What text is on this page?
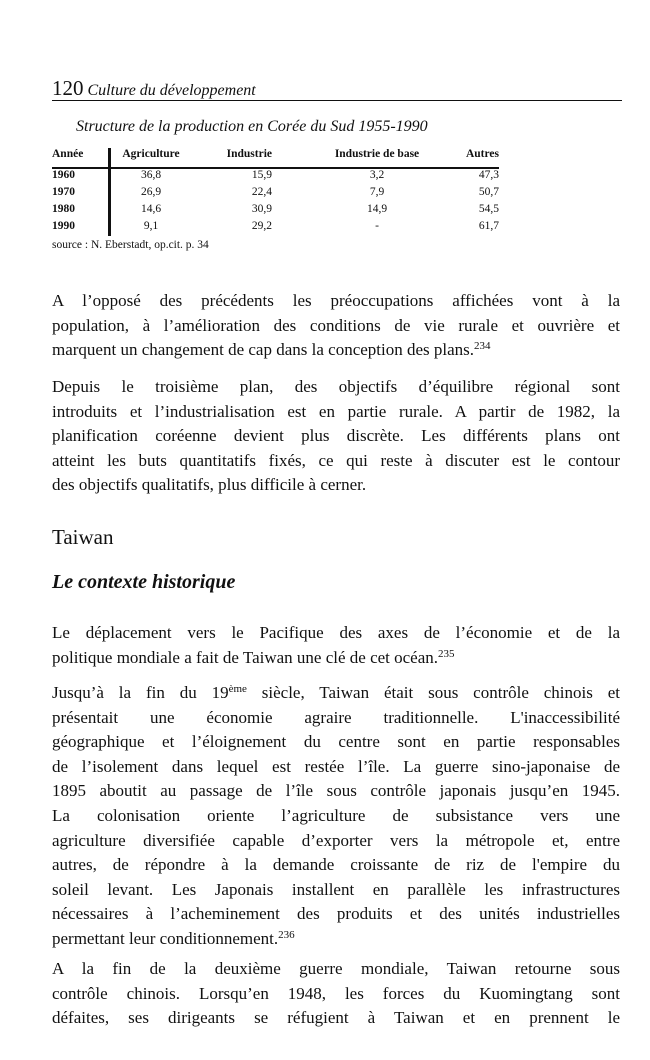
120 Culture du développement
Structure de la production en Corée du Sud 1955-1990
Année	Agriculture	Industrie	Industrie de base	Autres
1960	36,8	15,9	3,2	47,3
1970	26,9	22,4	7,9	50,7
1980	14,6	30,9	14,9	54,5
1990	9,1	29,2	-	61,7
source : N. Eberstadt, op.cit. p. 34
Taiwan
Le contexte historique
A l’opposé des précédents les préoccupations affichées vont à la
population, à l’amélioration des conditions de vie rurale et ouvrière et
marquent un changement de cap dans la conception des plans.$^{234}$
Depuis le troisième plan, des objectifs d’équilibre régional sont
introduits et l’industrialisation est en partie rurale. A partir de 1982, la
planification coréenne devient plus discrète. Les différents plans ont
atteint les buts quantitatifs fixés, ce qui reste à discuter est le contour
des objectifs qualitatifs, plus difficile à cerner.
Le déplacement vers le Pacifique des axes de l’économie et de la
politique mondiale a fait de Taiwan une clé de cet océan.$^{235}$
Jusqu’à la fin du 19ème siècle, Taiwan était sous contrôle chinois et
présentait une économie agraire traditionnelle. L'inaccessibilité
géographique et l’éloignement du centre sont en partie responsables
de l’isolement dans lequel est restée l’île. La guerre sino-japonaise de
1895 aboutit au passage de l’île sous contrôle japonais jusqu’en 1945.
La colonisation oriente l’agriculture de subsistance vers une
agriculture diversifiée capable d’exporter vers la métropole et, entre
autres, de répondre à la demande croissante de riz de l'empire du
soleil levant. Les Japonais installent en parallèle les infrastructures
nécessaires à l’acheminement des produits et des unités industrielles
permettant leur conditionnement.$^{236}$
A la fin de la deuxième guerre mondiale, Taiwan retourne sous
contrôle chinois. Lorsqu’en 1948, les forces du Kuomingtang sont
défaites, ses dirigeants se réfugient à Taiwan et en prennent le
